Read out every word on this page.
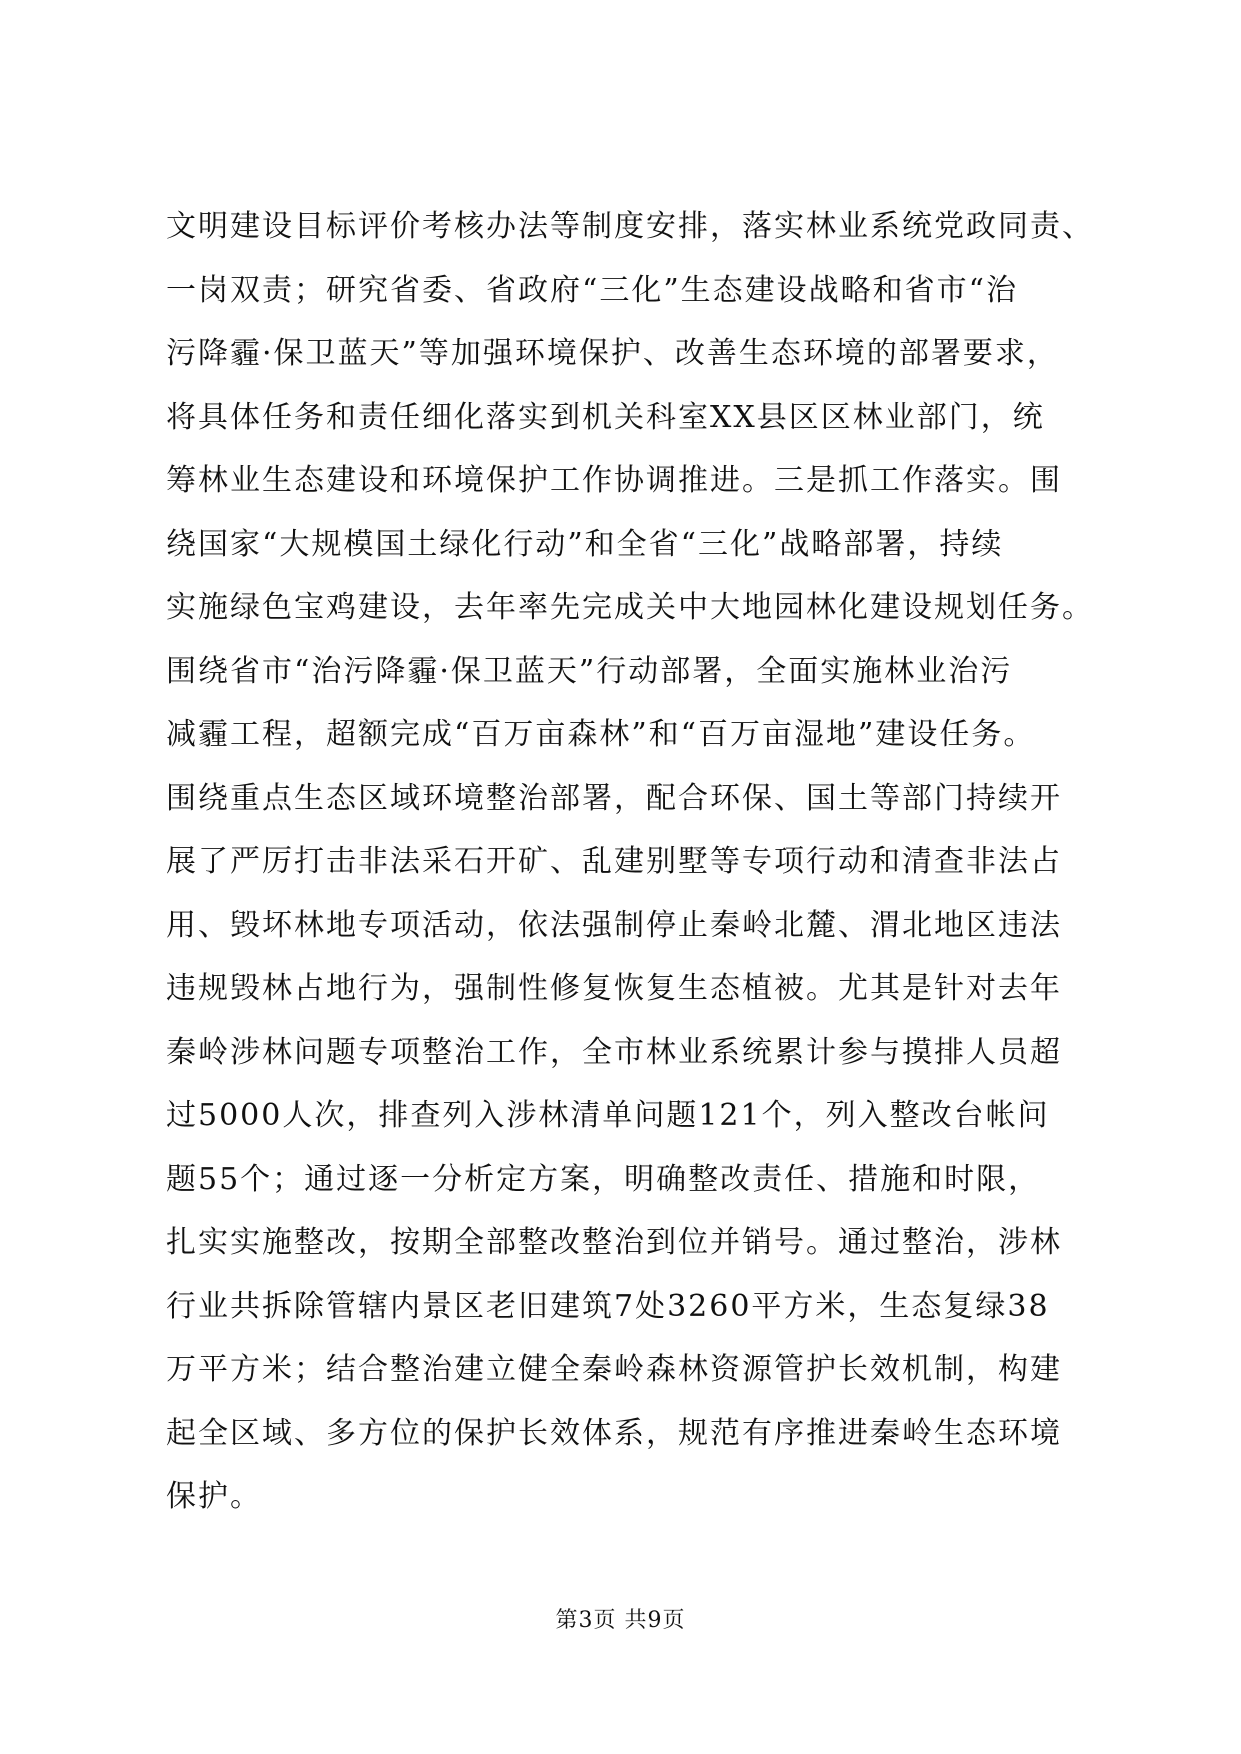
文明建设目标评价考核办法等制度安排，落实林业系统党政同责、
一岗双责；研究省委、省政府“三化”生态建设战略和省市“治
污降霾·保卫蓝天”等加强环境保护、改善生态环境的部署要求，
将具体任务和责任细化落实到机关科室XX县区区林业部门，统
筹林业生态建设和环境保护工作协调推进。三是抓工作落实。围
绕国家“大规模国土绿化行动”和全省“三化”战略部署，持续
实施绿色宝鸡建设，去年率先完成关中大地园林化建设规划任务。
围绕省市“治污降霾·保卫蓝天”行动部署，全面实施林业治污
减霾工程，超额完成“百万亩森林”和“百万亩湿地”建设任务。
围绕重点生态区域环境整治部署，配合环保、国土等部门持续开
展了严厉打击非法采石开矿、乱建别墅等专项行动和清查非法占
用、毁坏林地专项活动，依法强制停止秦岭北麓、渭北地区违法
违规毁林占地行为，强制性修复恢复生态植被。尤其是针对去年
秦岭涉林问题专项整治工作，全市林业系统累计参与摸排人员超
过5000人次，排查列入涉林清单问题121个，列入整改台帐问
题55个；通过逐一分析定方案，明确整改责任、措施和时限，
扎实实施整改，按期全部整改整治到位并销号。通过整治，涉林
行业共拆除管辖内景区老旧建筑7处3260平方米，生态复绿38
万平方米；结合整治建立健全秦岭森林资源管护长效机制，构建
起全区域、多方位的保护长效体系，规范有序推进秦岭生态环境
保护。
第3页 共9页
